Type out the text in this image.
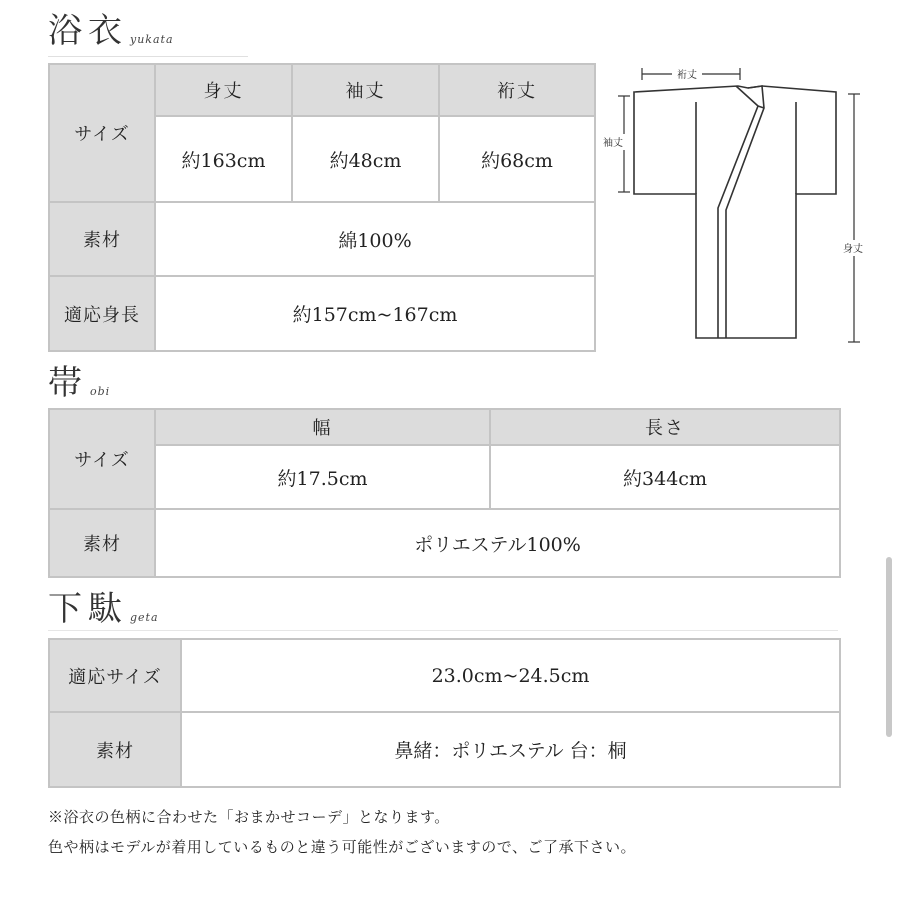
浴衣 yukata
サイズ	身丈	袖丈	裄丈
	約163cm	約48cm	約68cm
素材	綿100%		
適応身長	約157cm~167cm		
裄丈
袖丈
身丈
帯 obi
サイズ	幅	長さ
	約17.5cm	約344cm
素材	ポリエステル100%	
下駄 geta
適応サイズ	23.0cm~24.5cm
素材	鼻緒：ポリエステル 台：桐
※浴衣の色柄に合わせた「おまかせコーデ」となります。
色や柄はモデルが着用しているものと違う可能性がございますので、ご了承下さい。
